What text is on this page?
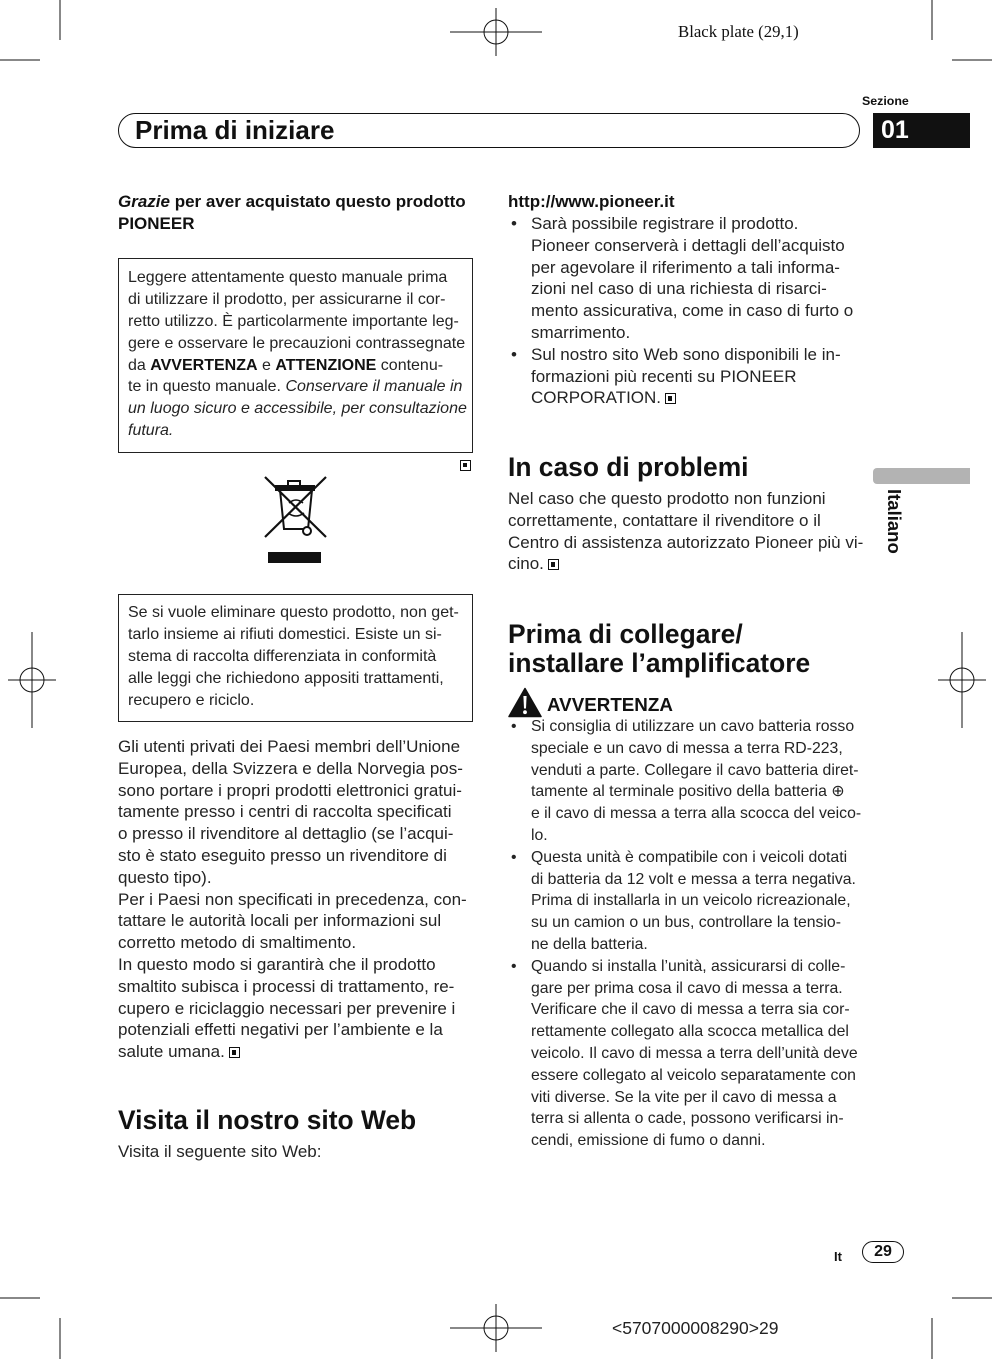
Black plate (29,1)
Sezione
Prima di iniziare	01
Italiano
Grazie per aver acquistato questo prodotto
PIONEER
Leggere attentamente questo manuale prima
di utilizzare il prodotto, per assicurarne il cor-
retto utilizzo. È particolarmente importante leg-
gere e osservare le precauzioni contrassegnate
da AVVERTENZA e ATTENZIONE contenu-
te in questo manuale. Conservare il manuale in
un luogo sicuro e accessibile, per consultazione
futura.
Se si vuole eliminare questo prodotto, non get-
tarlo insieme ai rifiuti domestici. Esiste un si-
stema di raccolta differenziata in conformità
alle leggi che richiedono appositi trattamenti,
recupero e riciclo.
Gli utenti privati dei Paesi membri dell’Unione
Europea, della Svizzera e della Norvegia pos-
sono portare i propri prodotti elettronici gratui-
tamente presso i centri di raccolta specificati
o presso il rivenditore al dettaglio (se l’acqui-
sto è stato eseguito presso un rivenditore di
questo tipo).
Per i Paesi non specificati in precedenza, con-
tattare le autorità locali per informazioni sul
corretto metodo di smaltimento.
In questo modo si garantirà che il prodotto
smaltito subisca i processi di trattamento, re-
cupero e riciclaggio necessari per prevenire i
potenziali effetti negativi per l’ambiente e la
salute umana.
Visita il nostro sito Web
Visita il seguente sito Web:
http://www.pioneer.it
• Sarà possibile registrare il prodotto.
Pioneer conserverà i dettagli dell’acquisto
per agevolare il riferimento a tali informa-
zioni nel caso di una richiesta di risarci-
mento assicurativa, come in caso di furto o
smarrimento.
• Sul nostro sito Web sono disponibili le in-
formazioni più recenti su PIONEER
CORPORATION.
In caso di problemi
Nel caso che questo prodotto non funzioni
correttamente, contattare il rivenditore o il
Centro di assistenza autorizzato Pioneer più vi-
cino.
Prima di collegare/
installare l’amplificatore
AVVERTENZA
• Si consiglia di utilizzare un cavo batteria rosso
speciale e un cavo di messa a terra RD-223,
venduti a parte. Collegare il cavo batteria diret-
tamente al terminale positivo della batteria ⊕
e il cavo di messa a terra alla scocca del veico-
lo.
• Questa unità è compatibile con i veicoli dotati
di batteria da 12 volt e messa a terra negativa.
Prima di installarla in un veicolo ricreazionale,
su un camion o un bus, controllare la tensio-
ne della batteria.
• Quando si installa l’unità, assicurarsi di colle-
gare per prima cosa il cavo di messa a terra.
Verificare che il cavo di messa a terra sia cor-
rettamente collegato alla scocca metallica del
veicolo. Il cavo di messa a terra dell’unità deve
essere collegato al veicolo separatamente con
viti diverse. Se la vite per il cavo di messa a
terra si allenta o cade, possono verificarsi in-
cendi, emissione di fumo o danni.
It	29
<5707000008290>29
